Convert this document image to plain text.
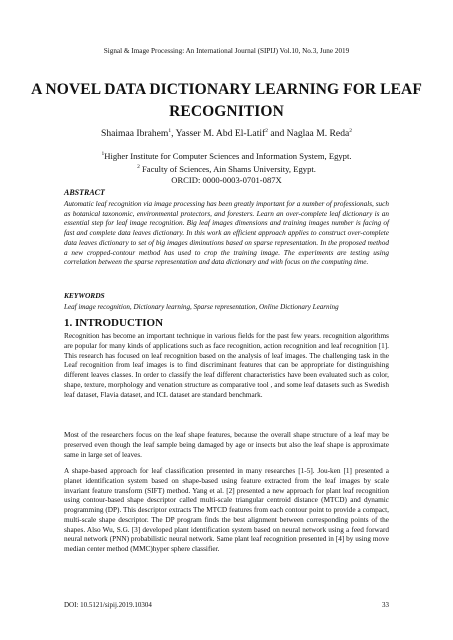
Signal & Image Processing: An International Journal (SIPIJ) Vol.10, No.3, June 2019
A NOVEL DATA DICTIONARY LEARNING FOR LEAF
RECOGNITION
Shaimaa Ibrahem$^1$, Yasser M. Abd El-Latif$^2$ and Naglaa M. Reda$^2$
$^1$Higher Institute for Computer Sciences and Information System, Egypt.
$^2$ Faculty of Sciences, Ain Shams University, Egypt.
ORCID: 0000-0003-0701-087X
ABSTRACT
Automatic leaf recognition via image processing has been greatly important for a number of professionals, such as botanical taxonomic, environmental protectors, and foresters. Learn an over-complete leaf dictionary is an essential step for leaf image recognition. Big leaf images dimensions and training images number is facing of fast and complete data leaves dictionary. In this work an efficient approach applies to construct over-complete data leaves dictionary to set of big images diminutions based on sparse representation. In the proposed method a new cropped-contour method has used to crop the training image. The experiments are testing using correlation between the sparse representation and data dictionary and with focus on the computing time.
KEYWORDS
Leaf image recognition, Dictionary learning, Sparse representation, Online Dictionary Learning
1. INTRODUCTION

Recognition has become an important technique in various fields for the past few years. recognition algorithms are popular for many kinds of applications such as face recognition, action recognition and leaf recognition [1]. This research has focused on leaf recognition based on the analysis of leaf images. The challenging task in the Leaf recognition from leaf images is to find discriminant features that can be appropriate for distinguishing different leaves classes. In order to classify the leaf different characteristics have been evaluated such as color, shape, texture, morphology and venation structure as comparative tool , and some leaf datasets such as Swedish leaf dataset, Flavia dataset, and ICL dataset are standard benchmark.

Most of the researchers focus on the leaf shape features, because the overall shape structure of a leaf may be preserved even though the leaf sample being damaged by age or insects but also the leaf shape is approximate same in large set of leaves.

A shape-based approach for leaf classification presented in many researches [1-5]. Jou-ken [1] presented a planet identification system based on shape-based using feature extracted from the leaf images by scale invariant feature transform (SIFT) method. Yang et al. [2] presented a new approach for plant leaf recognition using contour-based shape descriptor called multi-scale triangular centroid distance (MTCD) and dynamic programming (DP). This descriptor extracts The MTCD features from each contour point to provide a compact, multi-scale shape descriptor. The DP program finds the best alignment between corresponding points of the shapes. Also Wu, S.G. [3] developed plant identification system based on neural network using a feed forward neural network (PNN) probabilistic neural network. Same plant leaf recognition presented in [4] by using move median center method (MMC)hyper sphere classifier.

DOI: 10.5121/sipij.2019.10304	33
